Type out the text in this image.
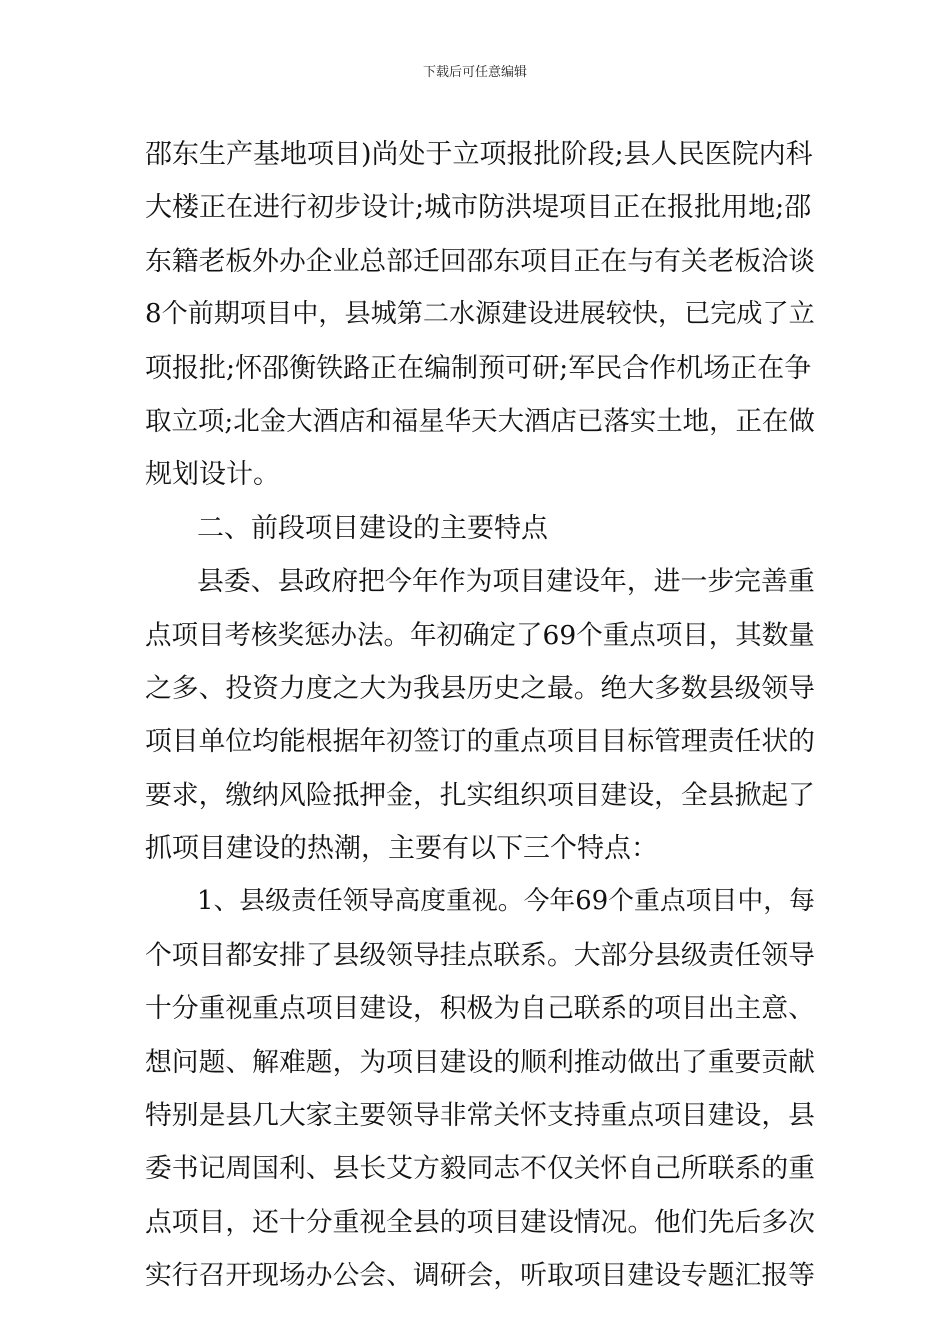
下载后可任意编辑
邵东生产基地项目)尚处于立项报批阶段;县人民医院内科
大楼正在进行初步设计;城市防洪堤项目正在报批用地;邵
东籍老板外办企业总部迁回邵东项目正在与有关老板洽谈
8个前期项目中，县城第二水源建设进展较快，已完成了立
项报批;怀邵衡铁路正在编制预可研;军民合作机场正在争
取立项;北金大酒店和福星华天大酒店已落实土地，正在做
规划设计。
二、前段项目建设的主要特点
县委、县政府把今年作为项目建设年，进一步完善重
点项目考核奖惩办法。年初确定了69个重点项目，其数量
之多、投资力度之大为我县历史之最。绝大多数县级领导
项目单位均能根据年初签订的重点项目目标管理责任状的
要求，缴纳风险抵押金，扎实组织项目建设，全县掀起了
抓项目建设的热潮，主要有以下三个特点：
1、县级责任领导高度重视。今年69个重点项目中，每
个项目都安排了县级领导挂点联系。大部分县级责任领导
十分重视重点项目建设，积极为自己联系的项目出主意、
想问题、解难题，为项目建设的顺利推动做出了重要贡献
特别是县几大家主要领导非常关怀支持重点项目建设，县
委书记周国利、县长艾方毅同志不仅关怀自己所联系的重
点项目，还十分重视全县的项目建设情况。他们先后多次
实行召开现场办公会、调研会，听取项目建设专题汇报等
